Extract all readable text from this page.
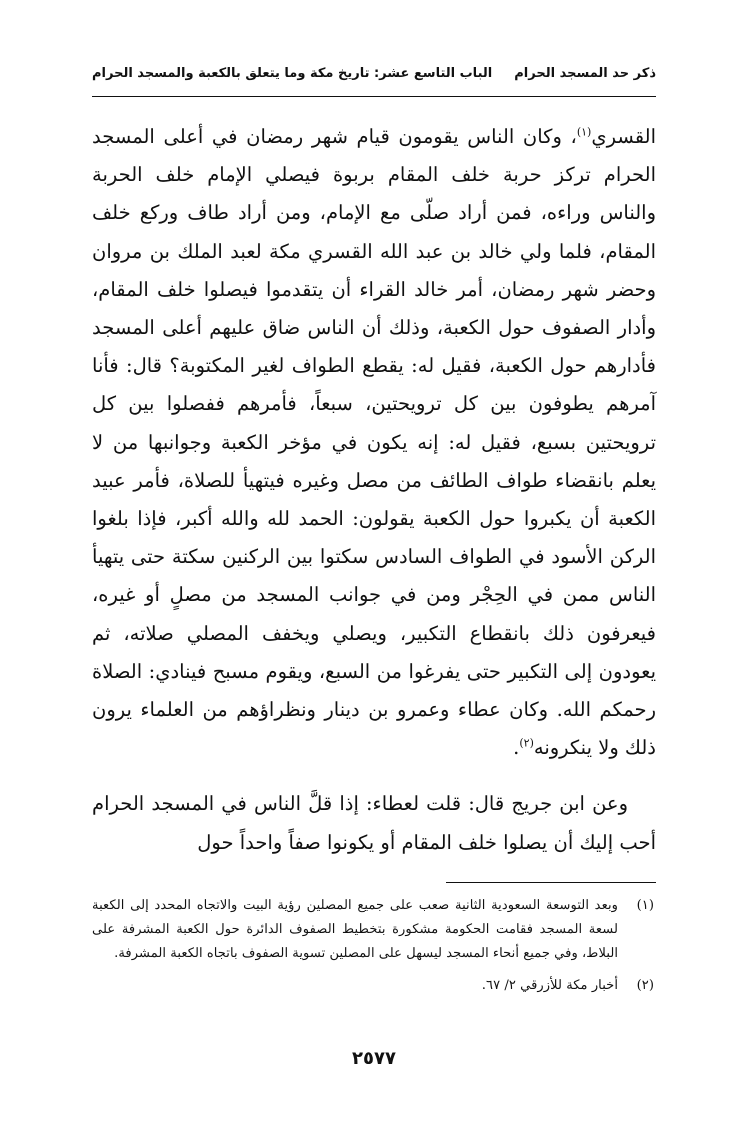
ذكر حد المسجد الحرام
الباب التاسع عشر: تاريخ مكة وما يتعلق بالكعبة والمسجد الحرام

القسري$^{(١)}$، وكان الناس يقومون قيام شهر رمضان في أعلى المسجد الحرام تركز حربة خلف المقام بربوة فيصلي الإمام خلف الحربة والناس وراءه، فمن أراد صلّى مع الإمام، ومن أراد طاف وركع خلف المقام، فلما ولي خالد بن عبد الله القسري مكة لعبد الملك بن مروان وحضر شهر رمضان، أمر خالد القراء أن يتقدموا فيصلوا خلف المقام، وأدار الصفوف حول الكعبة، وذلك أن الناس ضاق عليهم أعلى المسجد فأدارهم حول الكعبة، فقيل له: يقطع الطواف لغير المكتوبة؟ قال: فأنا آمرهم يطوفون بين كل ترويحتين، سبعاً، فأمرهم ففصلوا بين كل ترويحتين بسبع، فقيل له: إنه يكون في مؤخر الكعبة وجوانبها من لا يعلم بانقضاء طواف الطائف من مصل وغيره فيتهيأ للصلاة، فأمر عبيد الكعبة أن يكبروا حول الكعبة يقولون: الحمد لله والله أكبر، فإذا بلغوا الركن الأسود في الطواف السادس سكتوا بين الركنين سكتة حتى يتهيأ الناس ممن في الحِجْر ومن في جوانب المسجد من مصلٍ أو غيره، فيعرفون ذلك بانقطاع التكبير، ويصلي ويخفف المصلي صلاته، ثم يعودون إلى التكبير حتى يفرغوا من السبع، ويقوم مسبح فينادي: الصلاة رحمكم الله. وكان عطاء وعمرو بن دينار ونظراؤهم من العلماء يرون ذلك ولا ينكرونه$^{(٢)}$.

وعن ابن جريج قال: قلت لعطاء: إذا قلَّ الناس في المسجد الحرام أحب إليك أن يصلوا خلف المقام أو يكونوا صفاً واحداً حول

(١)
وبعد التوسعة السعودية الثانية صعب على جميع المصلين رؤية البيت والاتجاه المحدد إلى الكعبة لسعة المسجد فقامت الحكومة مشكورة بتخطيط الصفوف الدائرة حول الكعبة المشرفة على البلاط، وفي جميع أنحاء المسجد ليسهل على المصلين تسوية الصفوف باتجاه الكعبة المشرفة.
(٢)
أخبار مكة للأزرقي ٢/ ٦٧.
٢٥٧٧
